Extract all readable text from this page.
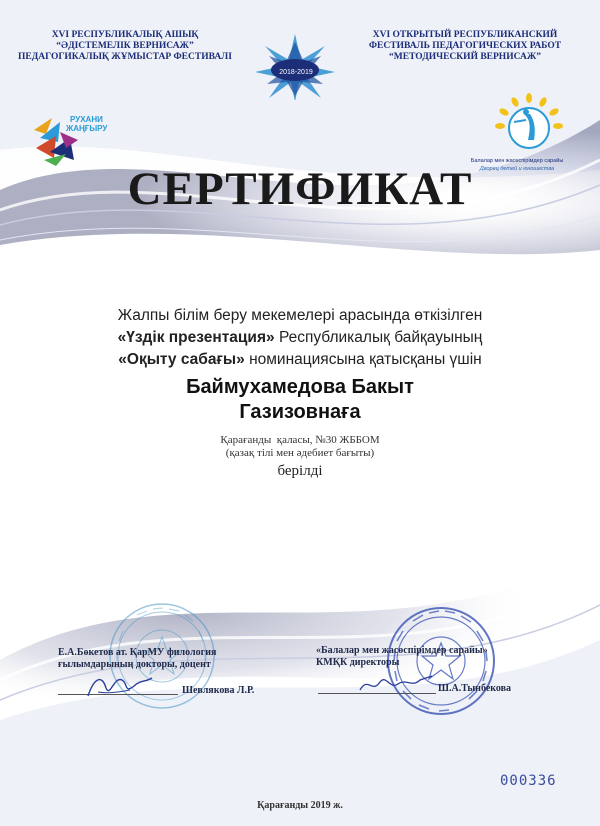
XVI РЕСПУБЛИКАЛЫҚ АШЫҚ
“ӘДІСТЕМЕЛІК ВЕРНИСАЖ”
ПЕДАГОГИКАЛЫҚ ЖҰМЫСТАР ФЕСТИВАЛІ
XVI ОТКРЫТЫЙ РЕСПУБЛИКАНСКИЙ
ФЕСТИВАЛЬ ПЕДАГОГИЧЕСКИХ РАБОТ
“МЕТОДИЧЕСКИЙ ВЕРНИСАЖ”
2018-2019
РУХАНИ
ЖАҢҒЫРУ
Балалар мен жасөспірімдер сарайы
Дворец детей и юношества
СЕРТИФИКАТ
Жалпы білім беру мекемелері арасында өткізілген
«Үздік презентация» Республикалық байқауының
«Оқыту сабағы» номинациясына қатысқаны үшін
Баймухамедова Бакыт
Газизовнаға
Қарағанды  қаласы, №30 ЖББОМ
(қазақ тілі мен әдебиет бағыты)
берілді
Е.А.Бөкетов ат. ҚарМУ филология
ғылымдарының докторы, доцент
Шевлякова Л.Р.
«Балалар мен жасөспірімдер сарайы»
КМҚК директоры
Ш.А.Тынбекова
000336
Қарағанды 2019 ж.
